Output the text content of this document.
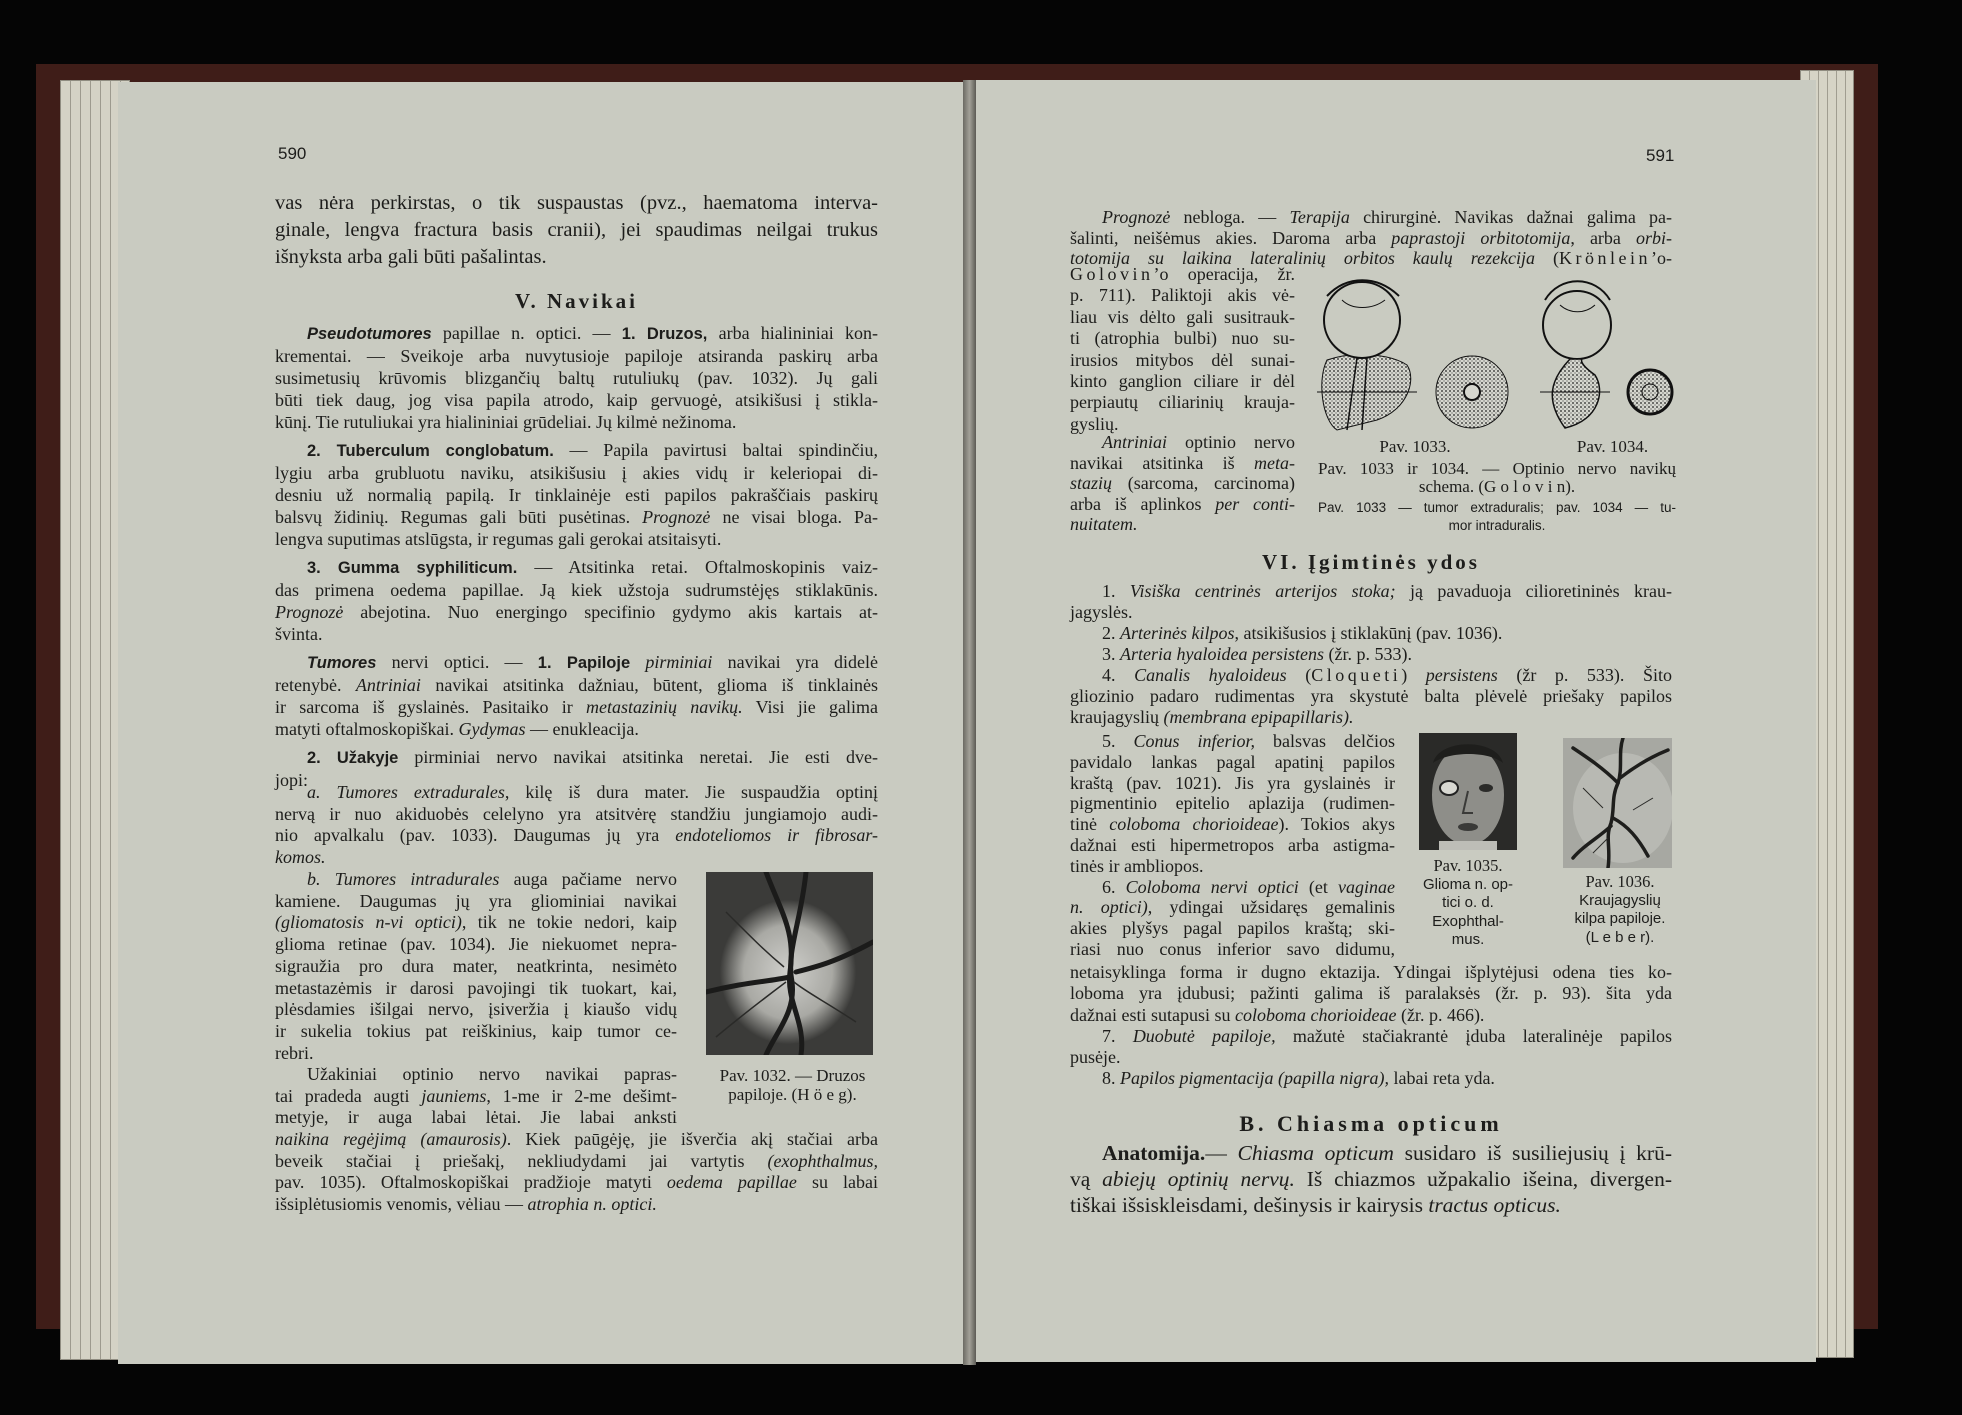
590
vas nėra perkirstas, o tik suspaustas (pvz., haematoma interva-
ginale, lengva fractura basis cranii), jei spaudimas neilgai trukus
išnyksta arba gali būti pašalintas.
V. Navikai
Pseudotumores papillae n. optici. — 1. Druzos, arba hialininiai kon-
krementai. — Sveikoje arba nuvytusioje papiloje atsiranda paskirų arba
susimetusių krūvomis blizgančių baltų rutuliukų (pav. 1032). Jų gali
būti tiek daug, jog visa papila atrodo, kaip gervuogė, atsikišusi į stikla-
kūnį. Tie rutuliukai yra hialininiai grūdeliai. Jų kilmė nežinoma.
2. Tuberculum conglobatum. — Papila pavirtusi baltai spindinčiu,
lygiu arba grubluotu naviku, atsikišusiu į akies vidų ir keleriopai di-
desniu už normalią papilą. Ir tinklainėje esti papilos pakraščiais paskirų
balsvų židinių. Regumas gali būti pusėtinas. Prognozė ne visai bloga. Pa-
lengva suputimas atslūgsta, ir regumas gali gerokai atsitaisyti.
3. Gumma syphiliticum. — Atsitinka retai. Oftalmoskopinis vaiz-
das primena oedema papillae. Ją kiek užstoja sudrumstėjęs stiklakūnis.
Prognozė abejotina. Nuo energingo specifinio gydymo akis kartais at-
švinta.
Tumores nervi optici. — 1. Papiloje pirminiai navikai yra didelė
retenybė. Antriniai navikai atsitinka dažniau, būtent, glioma iš tinklainės
ir sarcoma iš gyslainės. Pasitaiko ir metastazinių navikų. Visi jie galima
matyti oftalmoskopiškai. Gydymas — enukleacija.
2. Užakyje pirminiai nervo navikai atsitinka neretai. Jie esti dve-
jopi:
a. Tumores extradurales, kilę iš dura mater. Jie suspaudžia optinį
nervą ir nuo akiduobės celelyno yra atsitvėrę standžiu jungiamojo audi-
nio apvalkalu (pav. 1033). Daugumas jų yra endoteliomos ir fibrosar-
komos.
b. Tumores intradurales auga pačiame nervo
kamiene. Daugumas jų yra gliominiai navikai
(gliomatosis n-vi optici), tik ne tokie nedori, kaip
glioma retinae (pav. 1034). Jie niekuomet nepra-
sigraužia pro dura mater, neatkrinta, nesimėto
metastazėmis ir darosi pavojingi tik tuokart, kai,
plėsdamies išilgai nervo, įsiveržia į kiaušo vidų
ir sukelia tokius pat reiškinius, kaip tumor ce-
rebri.
Užakiniai optinio nervo navikai papras-
tai pradeda augti jauniems, 1-me ir 2-me dešimt-
metyje, ir auga labai lėtai. Jie labai anksti
naikina regėjimą (amaurosis). Kiek paūgėję, jie išverčia akį stačiai arba
beveik stačiai į priešakį, nekliudydami jai vartytis (exophthalmus,
pav. 1035). Oftalmoskopiškai pradžioje matyti oedema papillae su labai
išsiplėtusiomis venomis, vėliau — atrophia n. optici.
Pav. 1032. — Druzos
papiloje. (H ö e g).
591
Prognozė nebloga. — Terapija chirurginė. Navikas dažnai galima pa-
šalinti, neišėmus akies. Daroma arba paprastoji orbitotomija, arba orbi-
totomija su laikina lateralinių orbitos kaulų rezekcija (Krönlein’o-
Golovin’o operacija, žr.
p. 711). Paliktoji akis vė-
liau vis dėlto gali susitrauk-
ti (atrophia bulbi) nuo su-
irusios mitybos dėl sunai-
kinto ganglion ciliare ir dėl
perpiautų ciliarinių krauja-
gyslių.
Antriniai optinio nervo
navikai atsitinka iš meta-
stazių (sarcoma, carcinoma)
arba iš aplinkos per conti-
nuitatem.
Pav. 1033.	Pav. 1034.
Pav. 1033 ir 1034. — Optinio nervo navikų
schema. (G o l o v i n).
Pav. 1033 — tumor extraduralis; pav. 1034 — tu-
mor intraduralis.
VI. Įgimtinės ydos
1. Visiška centrinės arterijos stoka; ją pavaduoja cilioretininės krau-
jagyslės.
2. Arterinės kilpos, atsikišusios į stiklakūnį (pav. 1036).
3. Arteria hyaloidea persistens (žr. p. 533).
4. Canalis hyaloideus (Cloqueti) persistens (žr p. 533). Šito
gliozinio padaro rudimentas yra skystutė balta plėvelė priešaky papilos
kraujagyslių (membrana epipapillaris).
5. Conus inferior, balsvas delčios
pavidalo lankas pagal apatinį papilos
kraštą (pav. 1021). Jis yra gyslainės ir
pigmentinio epitelio aplazija (rudimen-
tinė coloboma chorioideae). Tokios akys
dažnai esti hipermetropos arba astigma-
tinės ir ambliopos.
6. Coloboma nervi optici (et vaginae
n. optici), ydingai užsidaręs gemalinis
akies plyšys pagal papilos kraštą; ski-
riasi nuo conus inferior savo didumu,
netaisyklinga forma ir dugno ektazija. Ydingai išplytėjusi odena ties ko-
loboma yra įdubusi; pažinti galima iš paralaksės (žr. p. 93). šita yda
dažnai esti sutapusi su coloboma chorioideae (žr. p. 466).
7. Duobutė papiloje, mažutė stačiakrantė įduba lateralinėje papilos
pusėje.
8. Papilos pigmentacija (papilla nigra), labai reta yda.
Pav. 1035.
Glioma n. op-
tici o. d.
Exophthal-
mus.
Pav. 1036.
Kraujagyslių
kilpa papiloje.
(L e b e r).
B. Chiasma opticum
Anatomija.— Chiasma opticum susidaro iš susiliejusių į krū-
vą abiejų optinių nervų. Iš chiazmos užpakalio išeina, divergen-
tiškai išsiskleisdami, dešinysis ir kairysis tractus opticus.
